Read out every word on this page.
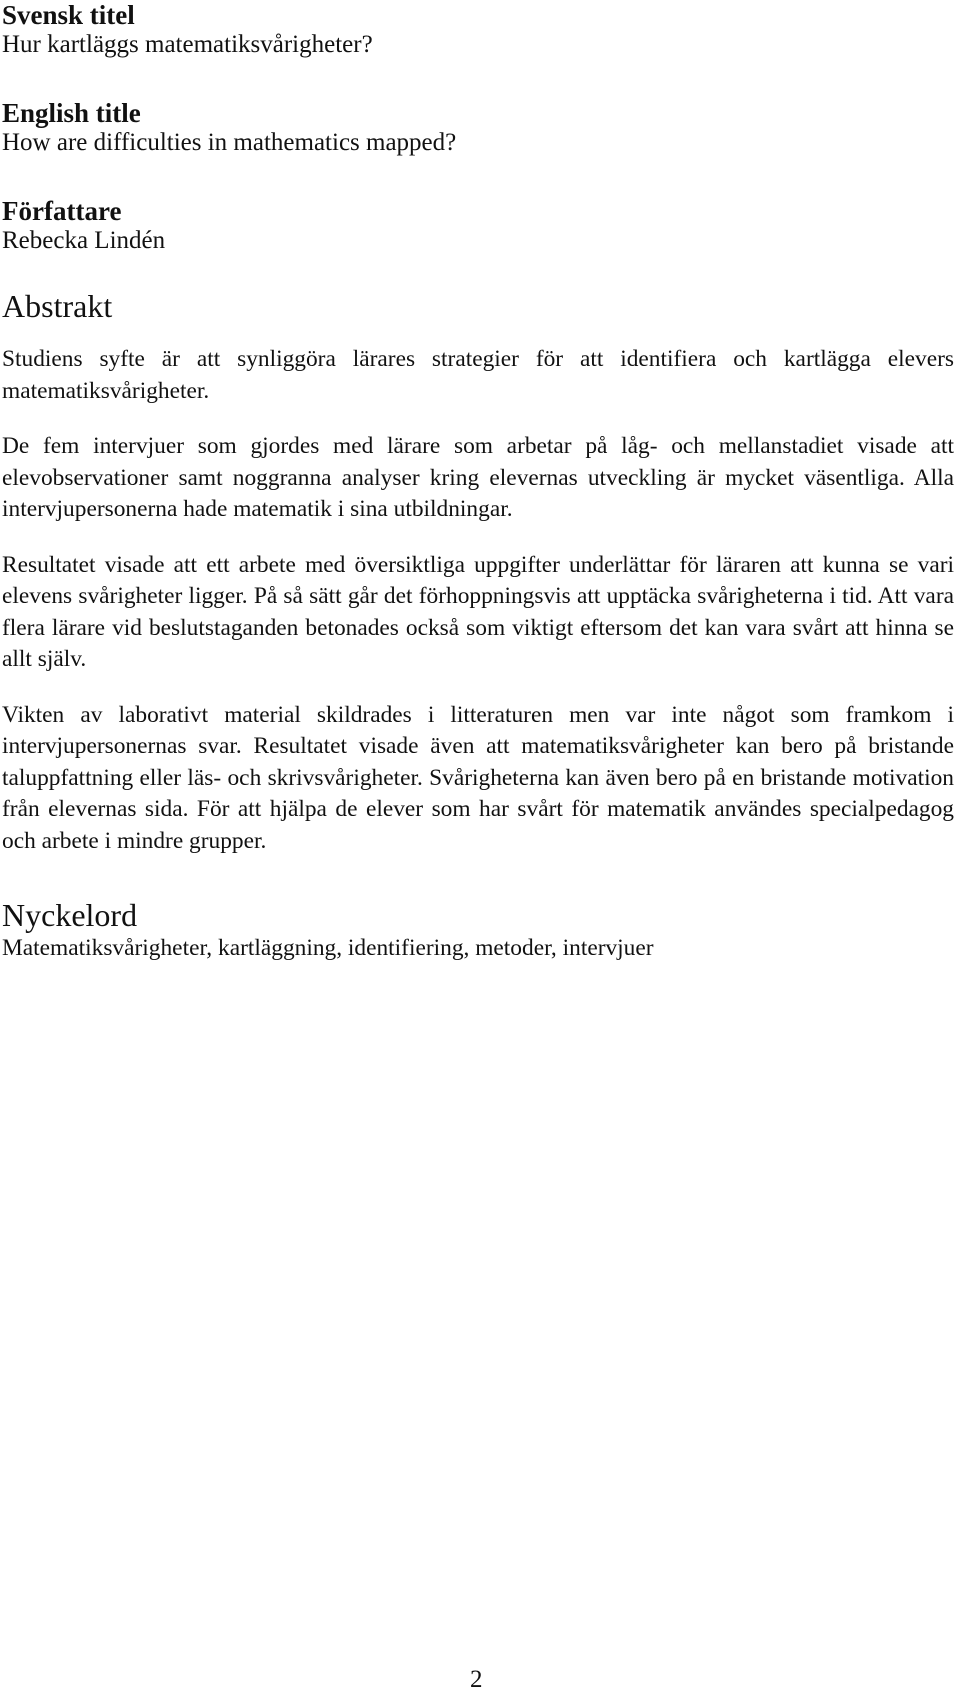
Svensk titel

Hur kartläggs matematiksvårigheter?

English title

How are difficulties in mathematics mapped?

Författare

Rebecka Lindén

Abstrakt

Studiens syfte är att synliggöra lärares strategier för att identifiera och kartlägga elevers matematiksvårigheter.

De fem intervjuer som gjordes med lärare som arbetar på låg- och mellanstadiet visade att elevobservationer samt noggranna analyser kring elevernas utveckling är mycket väsentliga. Alla intervjupersonerna hade matematik i sina utbildningar.

Resultatet visade att ett arbete med översiktliga uppgifter underlättar för läraren att kunna se vari elevens svårigheter ligger. På så sätt går det förhoppningsvis att upptäcka svårigheterna i tid. Att vara flera lärare vid beslutstaganden betonades också som viktigt eftersom det kan vara svårt att hinna se allt själv.

Vikten av laborativt material skildrades i litteraturen men var inte något som framkom i intervjupersonernas svar. Resultatet visade även att matematiksvårigheter kan bero på bristande taluppfattning eller läs- och skrivsvårigheter. Svårigheterna kan även bero på en bristande motivation från elevernas sida. För att hjälpa de elever som har svårt för matematik användes specialpedagog och arbete i mindre grupper.

Nyckelord

Matematiksvårigheter, kartläggning, identifiering, metoder, intervjuer

2
